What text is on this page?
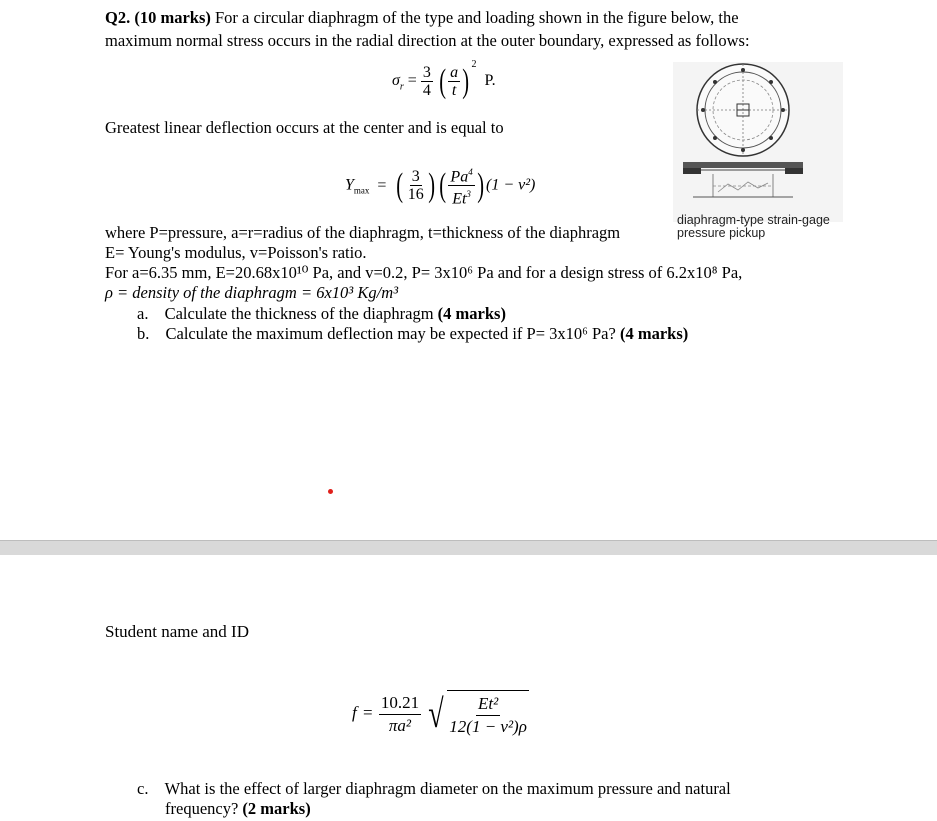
Q2. (10 marks) For a circular diaphragm of the type and loading shown in the figure below, the
maximum normal stress occurs in the radial direction at the outer boundary, expressed as follows:
$\sigma_r = \frac{3}{4}$ ( $\frac{a}{t}$ ) $^2$ P.
Greatest linear deflection occurs at the center and is equal to
$Y_{max}$ = ( $\frac{3}{16}$ ) ( $\frac{Pa^4}{Et^3}$ ) (1 − v²)
diaphragm-type strain-gage
pressure pickup
where P=pressure, a=r=radius of the diaphragm, t=thickness of the diaphragm
E= Young's modulus, v=Poisson's ratio.
For a=6.35 mm, E=20.68x10¹⁰ Pa, and v=0.2, P= 3x10⁶ Pa and for a design stress of 6.2x10⁸ Pa,
ρ = density of the diaphragm = 6x10³ Kg/m³
a. Calculate the thickness of the diaphragm (4 marks)
b. Calculate the maximum deflection may be expected if P= 3x10⁶ Pa? (4 marks)
Student name and ID
$f = \frac{10.21}{\text{πa²}}$ √ $\frac{\text{Et²}}{\text{12(1 − v²)ρ}}$
c. What is the effect of larger diaphragm diameter on the maximum pressure and natural
frequency? (2 marks)
